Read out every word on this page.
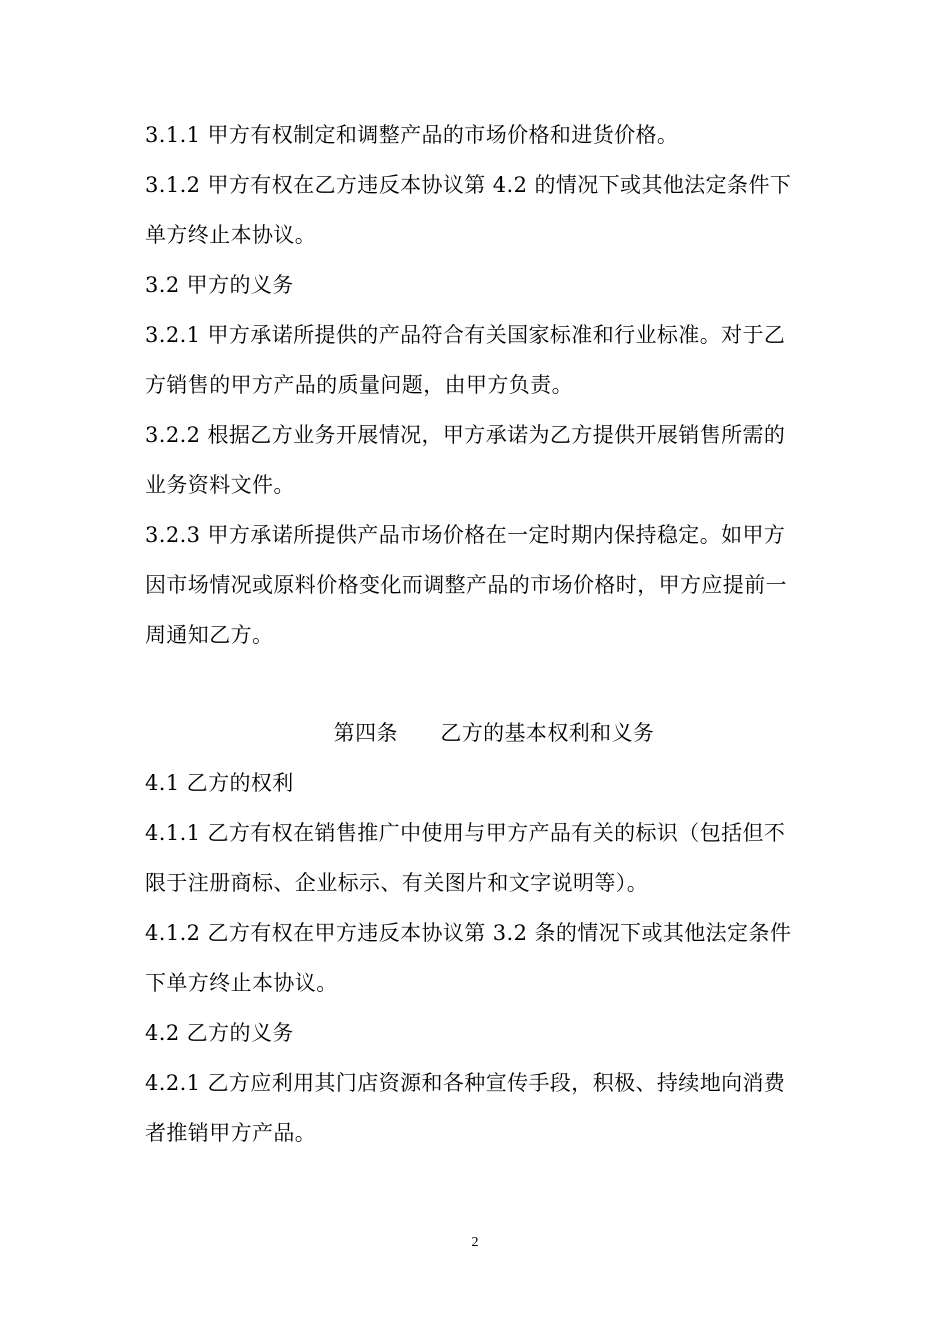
3.1.1 甲方有权制定和调整产品的市场价格和进货价格。
3.1.2 甲方有权在乙方违反本协议第 4.2 的情况下或其他法定条件下
单方终止本协议。
3.2 甲方的义务
3.2.1 甲方承诺所提供的产品符合有关国家标准和行业标准。对于乙
方销售的甲方产品的质量问题，由甲方负责。
3.2.2 根据乙方业务开展情况，甲方承诺为乙方提供开展销售所需的
业务资料文件。
3.2.3 甲方承诺所提供产品市场价格在一定时期内保持稳定。如甲方
因市场情况或原料价格变化而调整产品的市场价格时，甲方应提前一
周通知乙方。
第四条      乙方的基本权利和义务
4.1 乙方的权利
4.1.1 乙方有权在销售推广中使用与甲方产品有关的标识（包括但不
限于注册商标、企业标示、有关图片和文字说明等）。
4.1.2 乙方有权在甲方违反本协议第 3.2 条的情况下或其他法定条件
下单方终止本协议。
4.2 乙方的义务
4.2.1 乙方应利用其门店资源和各种宣传手段，积极、持续地向消费
者推销甲方产品。
2
